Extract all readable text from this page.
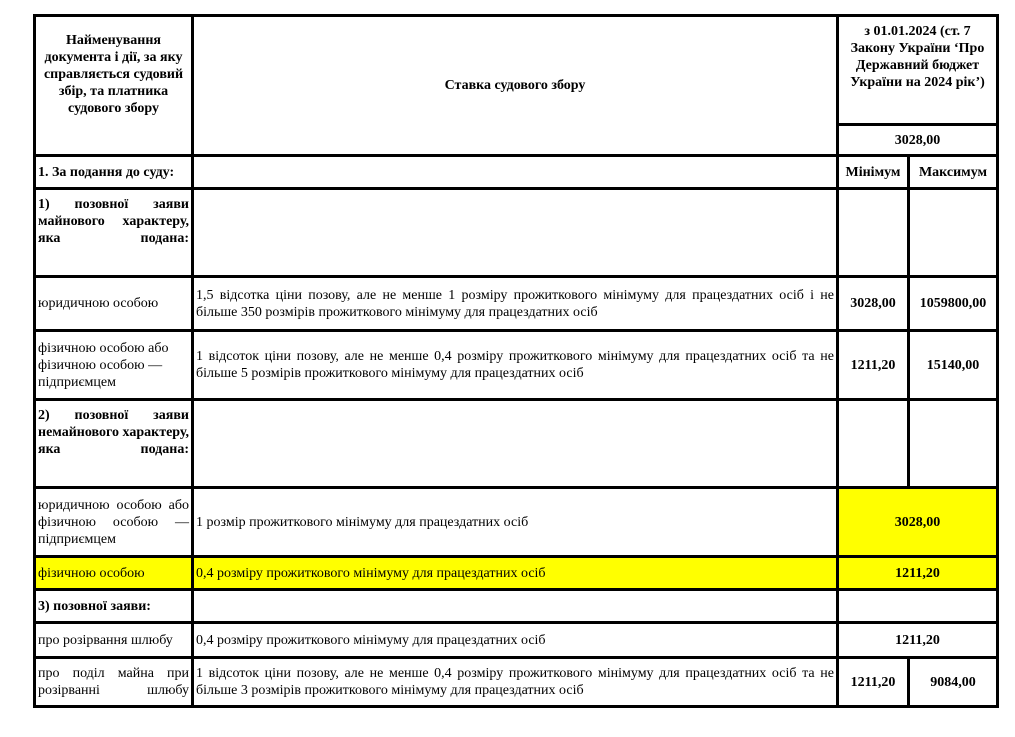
Найменування документа і дії, за яку справляється судовий збір, та платника судового збору	Ставка судового збору	з 01.01.2024 (ст. 7 Закону України ‘Про Державний бюджет України на 2024 рік’)	
		3028,00	
1. За подання до суду:		Мінімум	Максимум
1) позовної заяви майнового характеру, яка подана:			
юридичною особою	1,5 відсотка ціни позову, але не менше 1 розміру прожиткового мінімуму для працездатних осіб і не більше 350 розмірів прожиткового мінімуму для працездатних осіб	3028,00	1059800,00
фізичною особою або фізичною особою — підприємцем	1 відсоток ціни позову, але не менше 0,4 розміру прожиткового мінімуму для працездатних осіб та не більше 5 розмірів прожиткового мінімуму для працездатних осіб	1211,20	15140,00
2) позовної заяви немайнового характеру, яка подана:			
юридичною особою або фізичною особою — підприємцем	1 розмір прожиткового мінімуму для працездатних осіб	3028,00	
фізичною особою	0,4 розміру прожиткового мінімуму для працездатних осіб	1211,20	
3) позовної заяви:			
про розірвання шлюбу	0,4 розміру прожиткового мінімуму для працездатних осіб	1211,20	
про поділ майна при розірванні шлюбу	1 відсоток ціни позову, але не менше 0,4 розміру прожиткового мінімуму для працездатних осіб та не більше 3 розмірів прожиткового мінімуму для працездатних осіб	1211,20	9084,00
